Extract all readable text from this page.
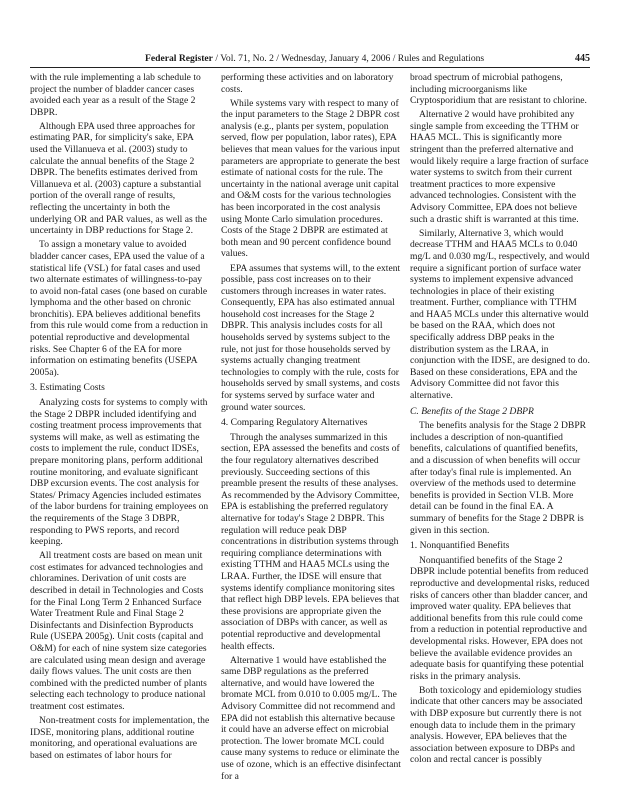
Federal Register / Vol. 71, No. 2 / Wednesday, January 4, 2006 / Rules and Regulations	445

with the rule implementing a lab schedule to project the number of bladder cancer cases avoided each year as a result of the Stage 2 DBPR.

Although EPA used three approaches for estimating PAR, for simplicity's sake, EPA used the Villanueva et al. (2003) study to calculate the annual benefits of the Stage 2 DBPR. The benefits estimates derived from Villanueva et al. (2003) capture a substantial portion of the overall range of results, reflecting the uncertainty in both the underlying OR and PAR values, as well as the uncertainty in DBP reductions for Stage 2.

To assign a monetary value to avoided bladder cancer cases, EPA used the value of a statistical life (VSL) for fatal cases and used two alternate estimates of willingness-to-pay to avoid non-fatal cases (one based on curable lymphoma and the other based on chronic bronchitis). EPA believes additional benefits from this rule would come from a reduction in potential reproductive and developmental risks. See Chapter 6 of the EA for more information on estimating benefits (USEPA 2005a).

3. Estimating Costs

Analyzing costs for systems to comply with the Stage 2 DBPR included identifying and costing treatment process improvements that systems will make, as well as estimating the costs to implement the rule, conduct IDSEs, prepare monitoring plans, perform additional routine monitoring, and evaluate significant DBP excursion events. The cost analysis for States/ Primacy Agencies included estimates of the labor burdens for training employees on the requirements of the Stage 3 DBPR, responding to PWS reports, and record keeping.

All treatment costs are based on mean unit cost estimates for advanced technologies and chloramines. Derivation of unit costs are described in detail in Technologies and Costs for the Final Long Term 2 Enhanced Surface Water Treatment Rule and Final Stage 2 Disinfectants and Disinfection Byproducts Rule (USEPA 2005g). Unit costs (capital and O&M) for each of nine system size categories are calculated using mean design and average daily flows values. The unit costs are then combined with the predicted number of plants selecting each technology to produce national treatment cost estimates.

Non-treatment costs for implementation, the IDSE, monitoring plans, additional routine monitoring, and operational evaluations are based on estimates of labor hours for

performing these activities and on laboratory costs.

While systems vary with respect to many of the input parameters to the Stage 2 DBPR cost analysis (e.g., plants per system, population served, flow per population, labor rates), EPA believes that mean values for the various input parameters are appropriate to generate the best estimate of national costs for the rule. The uncertainty in the national average unit capital and O&M costs for the various technologies has been incorporated in the cost analysis using Monte Carlo simulation procedures. Costs of the Stage 2 DBPR are estimated at both mean and 90 percent confidence bound values.

EPA assumes that systems will, to the extent possible, pass cost increases on to their customers through increases in water rates. Consequently, EPA has also estimated annual household cost increases for the Stage 2 DBPR. This analysis includes costs for all households served by systems subject to the rule, not just for those households served by systems actually changing treatment technologies to comply with the rule, costs for households served by small systems, and costs for systems served by surface water and ground water sources.

4. Comparing Regulatory Alternatives

Through the analyses summarized in this section, EPA assessed the benefits and costs of the four regulatory alternatives described previously. Succeeding sections of this preamble present the results of these analyses. As recommended by the Advisory Committee, EPA is establishing the preferred regulatory alternative for today's Stage 2 DBPR. This regulation will reduce peak DBP concentrations in distribution systems through requiring compliance determinations with existing TTHM and HAA5 MCLs using the LRAA. Further, the IDSE will ensure that systems identify compliance monitoring sites that reflect high DBP levels. EPA believes that these provisions are appropriate given the association of DBPs with cancer, as well as potential reproductive and developmental health effects.

Alternative 1 would have established the same DBP regulations as the preferred alternative, and would have lowered the bromate MCL from 0.010 to 0.005 mg/L. The Advisory Committee did not recommend and EPA did not establish this alternative because it could have an adverse effect on microbial protection. The lower bromate MCL could cause many systems to reduce or eliminate the use of ozone, which is an effective disinfectant for a

broad spectrum of microbial pathogens, including microorganisms like Cryptosporidium that are resistant to chlorine.

Alternative 2 would have prohibited any single sample from exceeding the TTHM or HAA5 MCL. This is significantly more stringent than the preferred alternative and would likely require a large fraction of surface water systems to switch from their current treatment practices to more expensive advanced technologies. Consistent with the Advisory Committee, EPA does not believe such a drastic shift is warranted at this time.

Similarly, Alternative 3, which would decrease TTHM and HAA5 MCLs to 0.040 mg/L and 0.030 mg/L, respectively, and would require a significant portion of surface water systems to implement expensive advanced technologies in place of their existing treatment. Further, compliance with TTHM and HAA5 MCLs under this alternative would be based on the RAA, which does not specifically address DBP peaks in the distribution system as the LRAA, in conjunction with the IDSE, are designed to do. Based on these considerations, EPA and the Advisory Committee did not favor this alternative.

C. Benefits of the Stage 2 DBPR

The benefits analysis for the Stage 2 DBPR includes a description of non-quantified benefits, calculations of quantified benefits, and a discussion of when benefits will occur after today's final rule is implemented. An overview of the methods used to determine benefits is provided in Section VI.B. More detail can be found in the final EA. A summary of benefits for the Stage 2 DBPR is given in this section.

1. Nonquantified Benefits

Nonquantified benefits of the Stage 2 DBPR include potential benefits from reduced reproductive and developmental risks, reduced risks of cancers other than bladder cancer, and improved water quality. EPA believes that additional benefits from this rule could come from a reduction in potential reproductive and developmental risks. However, EPA does not believe the available evidence provides an adequate basis for quantifying these potential risks in the primary analysis.

Both toxicology and epidemiology studies indicate that other cancers may be associated with DBP exposure but currently there is not enough data to include them in the primary analysis. However, EPA believes that the association between exposure to DBPs and colon and rectal cancer is possibly
